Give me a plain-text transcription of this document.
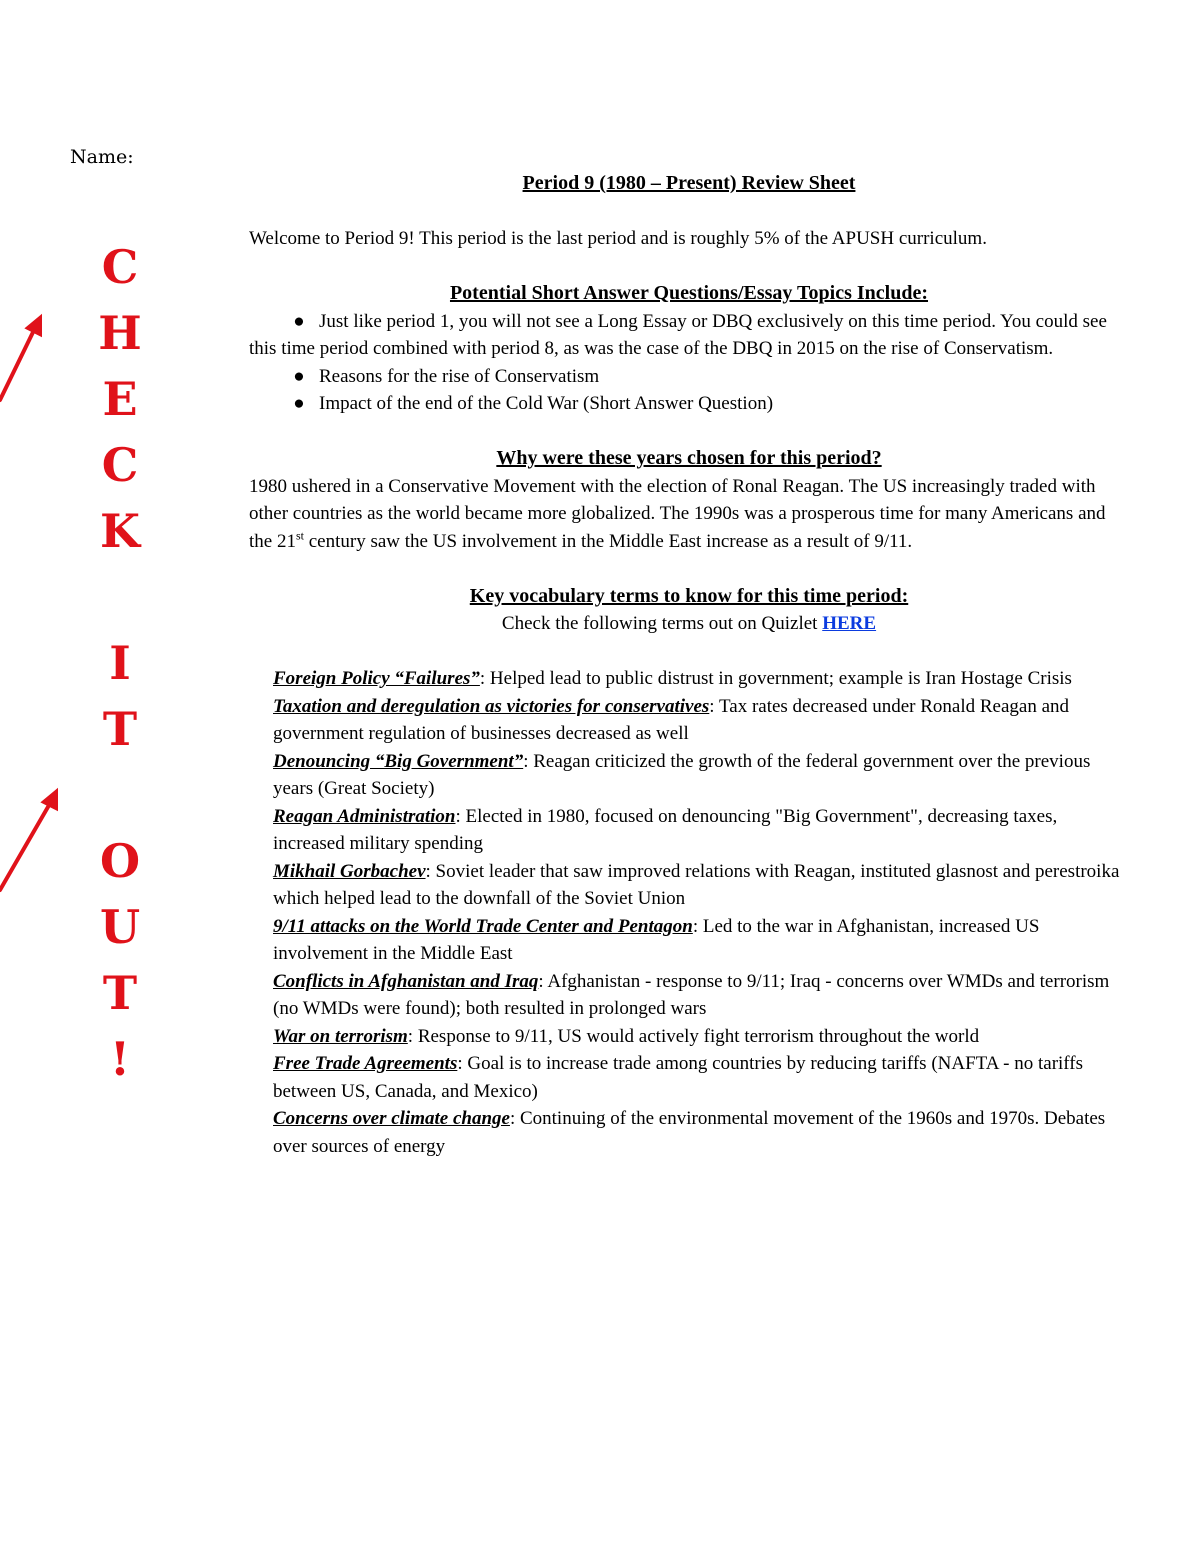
Name:
C
H
E
C
K
I
T
O
U
T
!

Period 9 (1980 – Present) Review Sheet

Welcome to Period 9! This period is the last period and is roughly 5% of the APUSH curriculum.

Potential Short Answer Questions/Essay Topics Include:

●   Just like period 1, you will not see a Long Essay or DBQ exclusively on this time period. You could see this time period combined with period 8, as was the case of the DBQ in 2015 on the rise of Conservatism.
●   Reasons for the rise of Conservatism
●   Impact of the end of the Cold War (Short Answer Question)

Why were these years chosen for this period?

1980 ushered in a Conservative Movement with the election of Ronal Reagan. The US increasingly traded with other countries as the world became more globalized. The 1990s was a prosperous time for many Americans and the 21st century saw the US involvement in the Middle East increase as a result of 9/11.

Key vocabulary terms to know for this time period:

Check the following terms out on Quizlet HERE

Foreign Policy “Failures”: Helped lead to public distrust in government; example is Iran Hostage Crisis

Taxation and deregulation as victories for conservatives: Tax rates decreased under Ronald Reagan and government regulation of businesses decreased as well

Denouncing “Big Government”: Reagan criticized the growth of the federal government over the previous years (Great Society)

Reagan Administration: Elected in 1980, focused on denouncing "Big Government", decreasing taxes, increased military spending

Mikhail Gorbachev: Soviet leader that saw improved relations with Reagan, instituted glasnost and perestroika which helped lead to the downfall of the Soviet Union

9/11 attacks on the World Trade Center and Pentagon: Led to the war in Afghanistan, increased US involvement in the Middle East

Conflicts in Afghanistan and Iraq: Afghanistan - response to 9/11; Iraq - concerns over WMDs and terrorism (no WMDs were found); both resulted in prolonged wars

War on terrorism: Response to 9/11, US would actively fight terrorism throughout the world

Free Trade Agreements: Goal is to increase trade among countries by reducing tariffs (NAFTA - no tariffs between US, Canada, and Mexico)

Concerns over climate change: Continuing of the environmental movement of the 1960s and 1970s. Debates over sources of energy
